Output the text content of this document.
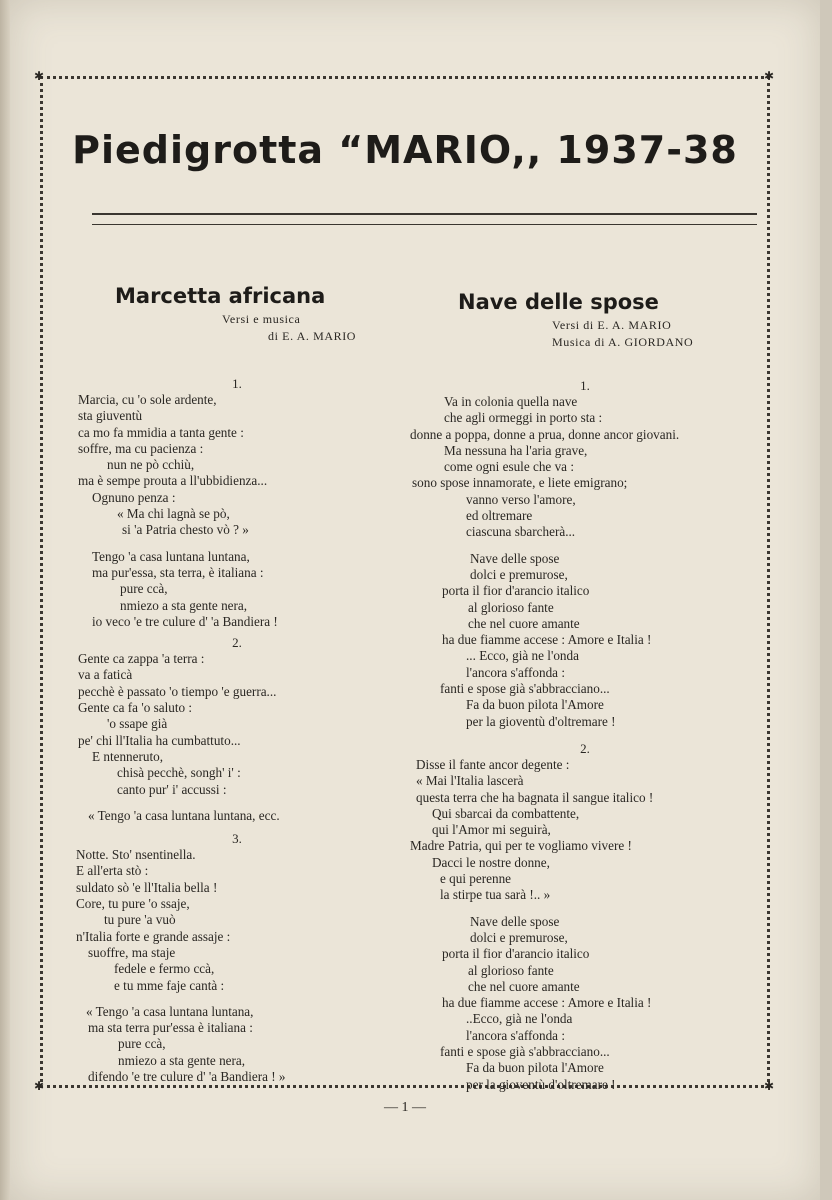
✱	✱
✱	✱
Piedigrotta “MARIO,, 1937-38
Marcetta africana
Versi e musica
di E. A. MARIO
1.
Marcia, cu 'o sole ardente,
sta giuventù
ca mo fa mmidia a tanta gente :
soffre, ma cu pacienza :
nun ne pò cchiù,
ma è sempe prouta a ll'ubbidienza...
Ognuno penza :
« Ma chi lagnà se pò,
si 'a Patria chesto vò ? »
Tengo 'a casa luntana luntana,
ma pur'essa, sta terra, è italiana :
pure ccà,
nmiezo a sta gente nera,
io veco 'e tre culure d' 'a Bandiera !
2.
Gente ca zappa 'a terra :
va a faticà
pecchè è passato 'o tiempo 'e guerra...
Gente ca fa 'o saluto :
'o ssape già
pe' chi ll'Italia ha cumbattuto...
E ntenneruto,
chisà pecchè, songh' i' :
canto pur' i' accussi :
« Tengo 'a casa luntana luntana, ecc.
3.
Notte. Sto' nsentinella.
E all'erta stò :
suldato sò 'e ll'Italia bella !
Core, tu pure 'o ssaje,
tu pure 'a vuò
n'Italia forte e grande assaje :
suoffre, ma staje
fedele e fermo ccà,
e tu mme faje cantà :
« Tengo 'a casa luntana luntana,
ma sta terra pur'essa è italiana :
pure ccà,
nmiezo a sta gente nera,
difendo 'e tre culure d' 'a Bandiera ! »
Nave delle spose
Versi di E. A. MARIO
Musica di A. GIORDANO
1.
Va in colonia quella nave
che agli ormeggi in porto sta :
donne a poppa, donne a prua, donne ancor giovani.
Ma nessuna ha l'aria grave,
come ogni esule che va :
sono spose innamorate, e liete emigrano;
vanno verso l'amore,
ed oltremare
ciascuna sbarcherà...
Nave delle spose
dolci e premurose,
porta il fior d'arancio italico
al glorioso fante
che nel cuore amante
ha due fiamme accese : Amore e Italia !
... Ecco, già ne l'onda
l'ancora s'affonda :
fanti e spose già s'abbracciano...
Fa da buon pilota l'Amore
per la gioventù d'oltremare !
2.
Disse il fante ancor degente :
« Mai l'Italia lascerà
questa terra che ha bagnata il sangue italico !
Qui sbarcai da combattente,
qui l'Amor mi seguirà,
Madre Patria, qui per te vogliamo vivere !
Dacci le nostre donne,
e qui perenne
la stirpe tua sarà !.. »
Nave delle spose
dolci e premurose,
porta il fior d'arancio italico
al glorioso fante
che nel cuore amante
ha due fiamme accese : Amore e Italia !
..Ecco, già ne l'onda
l'ancora s'affonda :
fanti e spose già s'abbracciano...
Fa da buon pilota l'Amore
per la gioventù d'oltremare !
— 1 —
